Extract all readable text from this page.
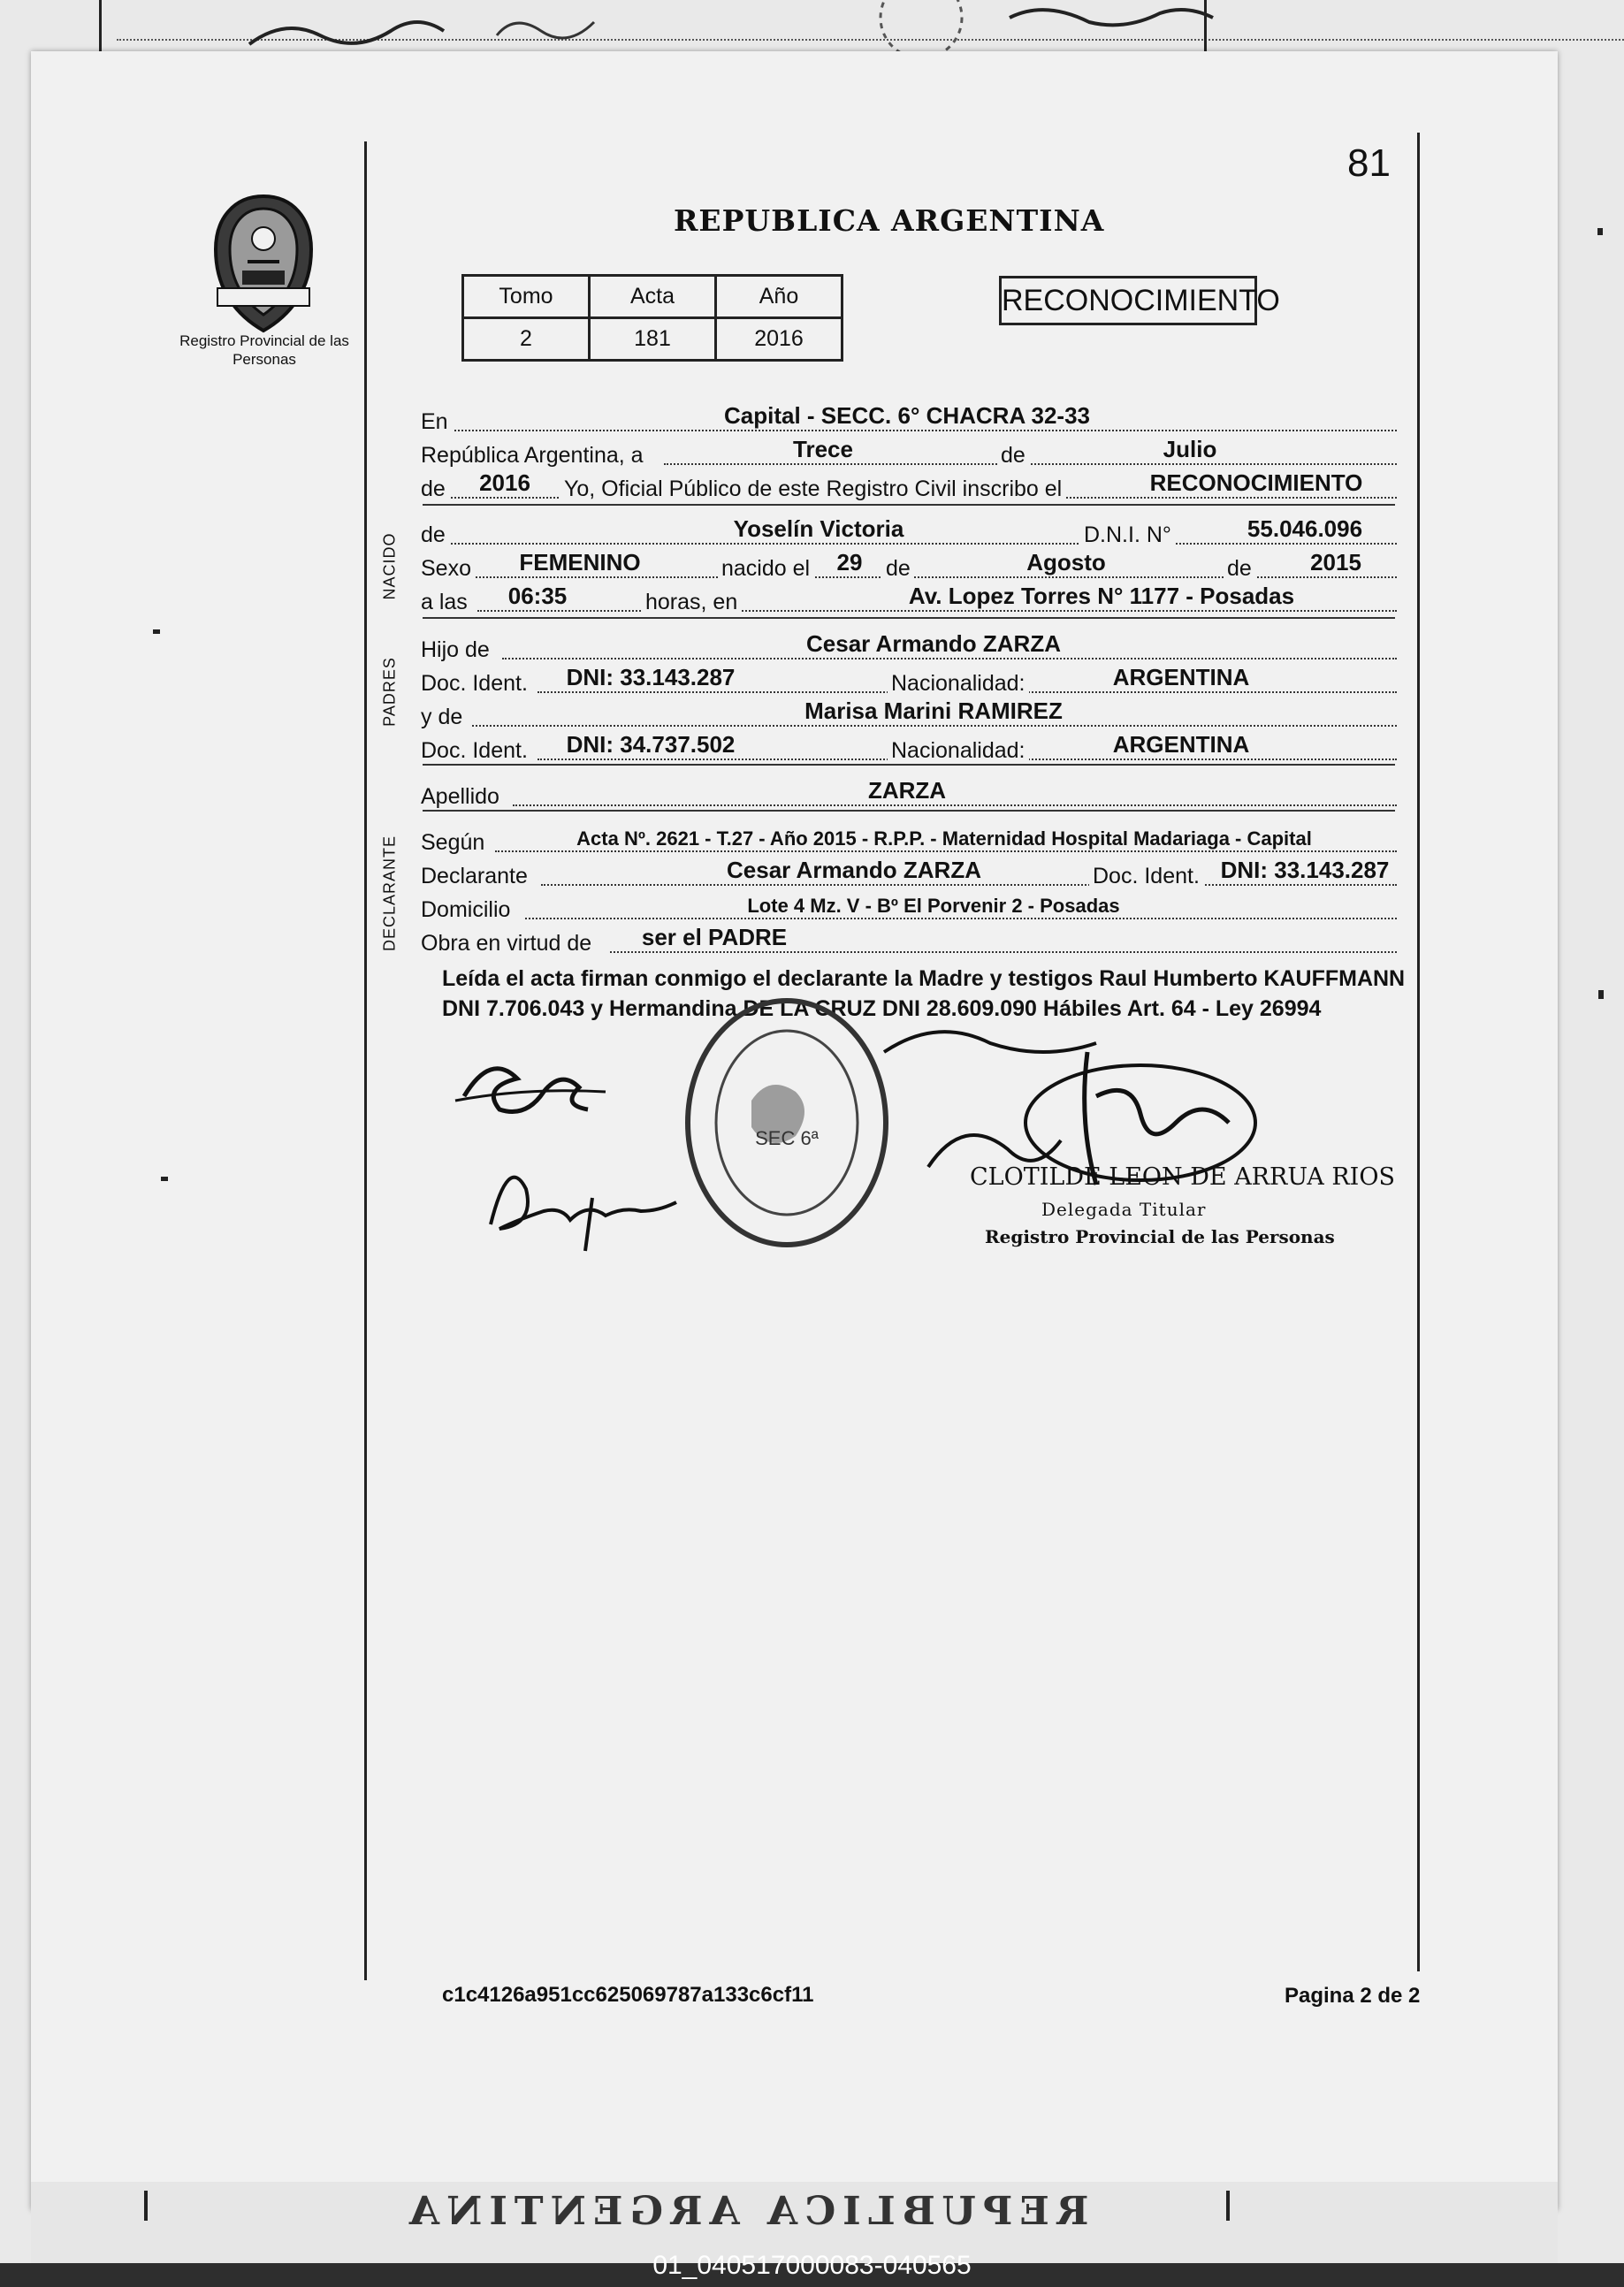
81
Registro Provincial de las Personas
REPUBLICA ARGENTINA
Tomo	Acta	Año
2	181	2016
RECONOCIMIENTO
En	Capital - SECC. 6° CHACRA 32-33
República Argentina, a	Trece	de	Julio
de	2016	Yo, Oficial Público de este Registro Civil inscribo el	RECONOCIMIENTO
de	Yoselín Victoria	D.N.I. N°	55.046.096
Sexo	FEMENINO	nacido el	29	de	Agosto	de	2015
a las	06:35	horas, en	Av. Lopez Torres N° 1177 - Posadas
Hijo de	Cesar Armando ZARZA
Doc. Ident.	DNI: 33.143.287	Nacionalidad:	ARGENTINA
y de	Marisa Marini RAMIREZ
Doc. Ident.	DNI: 34.737.502	Nacionalidad:	ARGENTINA
Apellido	ZARZA
Según	Acta Nº. 2621 - T.27 - Año 2015 - R.P.P. - Maternidad Hospital Madariaga - Capital
Declarante	Cesar Armando ZARZA	Doc. Ident. DNI: 33.143.287
Domicilio	Lote 4 Mz. V - Bº El Porvenir 2 - Posadas
Obra en virtud de	ser el PADRE
NACIDO
PADRES
DECLARANTE
Leída el acta firman conmigo el declarante la Madre y testigos Raul Humberto KAUFFMANN DNI 7.706.043 y Hermandina DE LA CRUZ DNI 28.609.090 Hábiles Art. 64 - Ley 26994
SEC 6ª
CLOTILDE LEON DE ARRUA RIOS
Delegada Titular
Registro Provincial de las Personas
c1c4126a951cc625069787a133c6cf11	Pagina 2 de 2
REPUBLICA ARGENTINA
01_040517000083-040565
